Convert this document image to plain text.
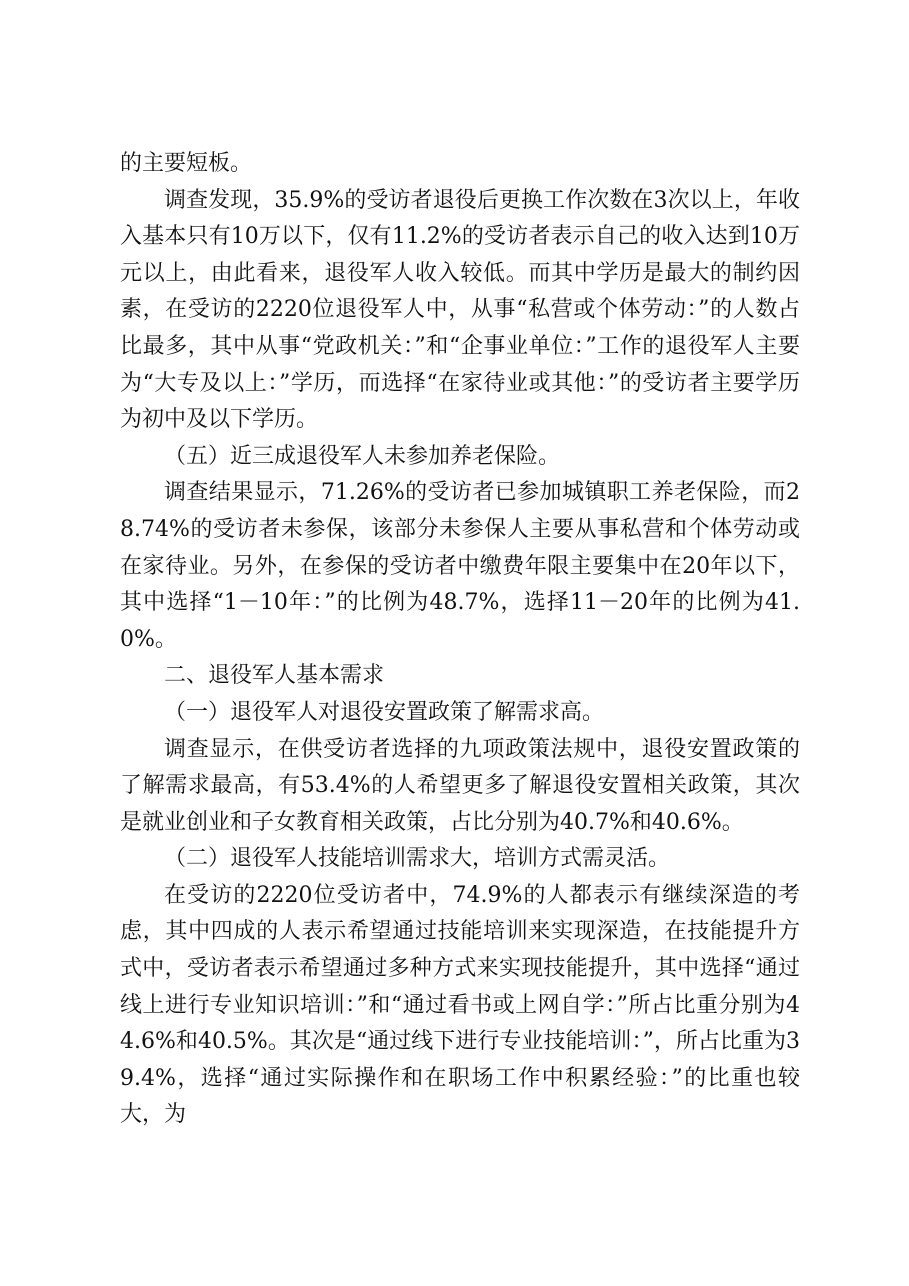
的主要短板。

调查发现，35.9%的受访者退役后更换工作次数在3次以上，年收入基本只有10万以下，仅有11.2%的受访者表示自己的收入达到10万元以上，由此看来，退役军人收入较低。而其中学历是最大的制约因素，在受访的2220位退役军人中，从事“私营或个体劳动：”的人数占比最多，其中从事“党政机关：”和“企事业单位：”工作的退役军人主要为“大专及以上：”学历，而选择“在家待业或其他：”的受访者主要学历为初中及以下学历。

（五）近三成退役军人未参加养老保险。

调查结果显示，71.26%的受访者已参加城镇职工养老保险，而28.74%的受访者未参保，该部分未参保人主要从事私营和个体劳动或在家待业。另外，在参保的受访者中缴费年限主要集中在20年以下，其中选择“1－10年：”的比例为48.7%，选择11－20年的比例为41.0%。

二、退役军人基本需求

（一）退役军人对退役安置政策了解需求高。

调查显示，在供受访者选择的九项政策法规中，退役安置政策的了解需求最高，有53.4%的人希望更多了解退役安置相关政策，其次是就业创业和子女教育相关政策，占比分别为40.7%和40.6%。

（二）退役军人技能培训需求大，培训方式需灵活。

在受访的2220位受访者中，74.9%的人都表示有继续深造的考虑，其中四成的人表示希望通过技能培训来实现深造，在技能提升方式中，受访者表示希望通过多种方式来实现技能提升，其中选择“通过线上进行专业知识培训：”和“通过看书或上网自学：”所占比重分别为44.6%和40.5%。其次是“通过线下进行专业技能培训：”，所占比重为39.4%，选择“通过实际操作和在职场工作中积累经验：”的比重也较大，为
